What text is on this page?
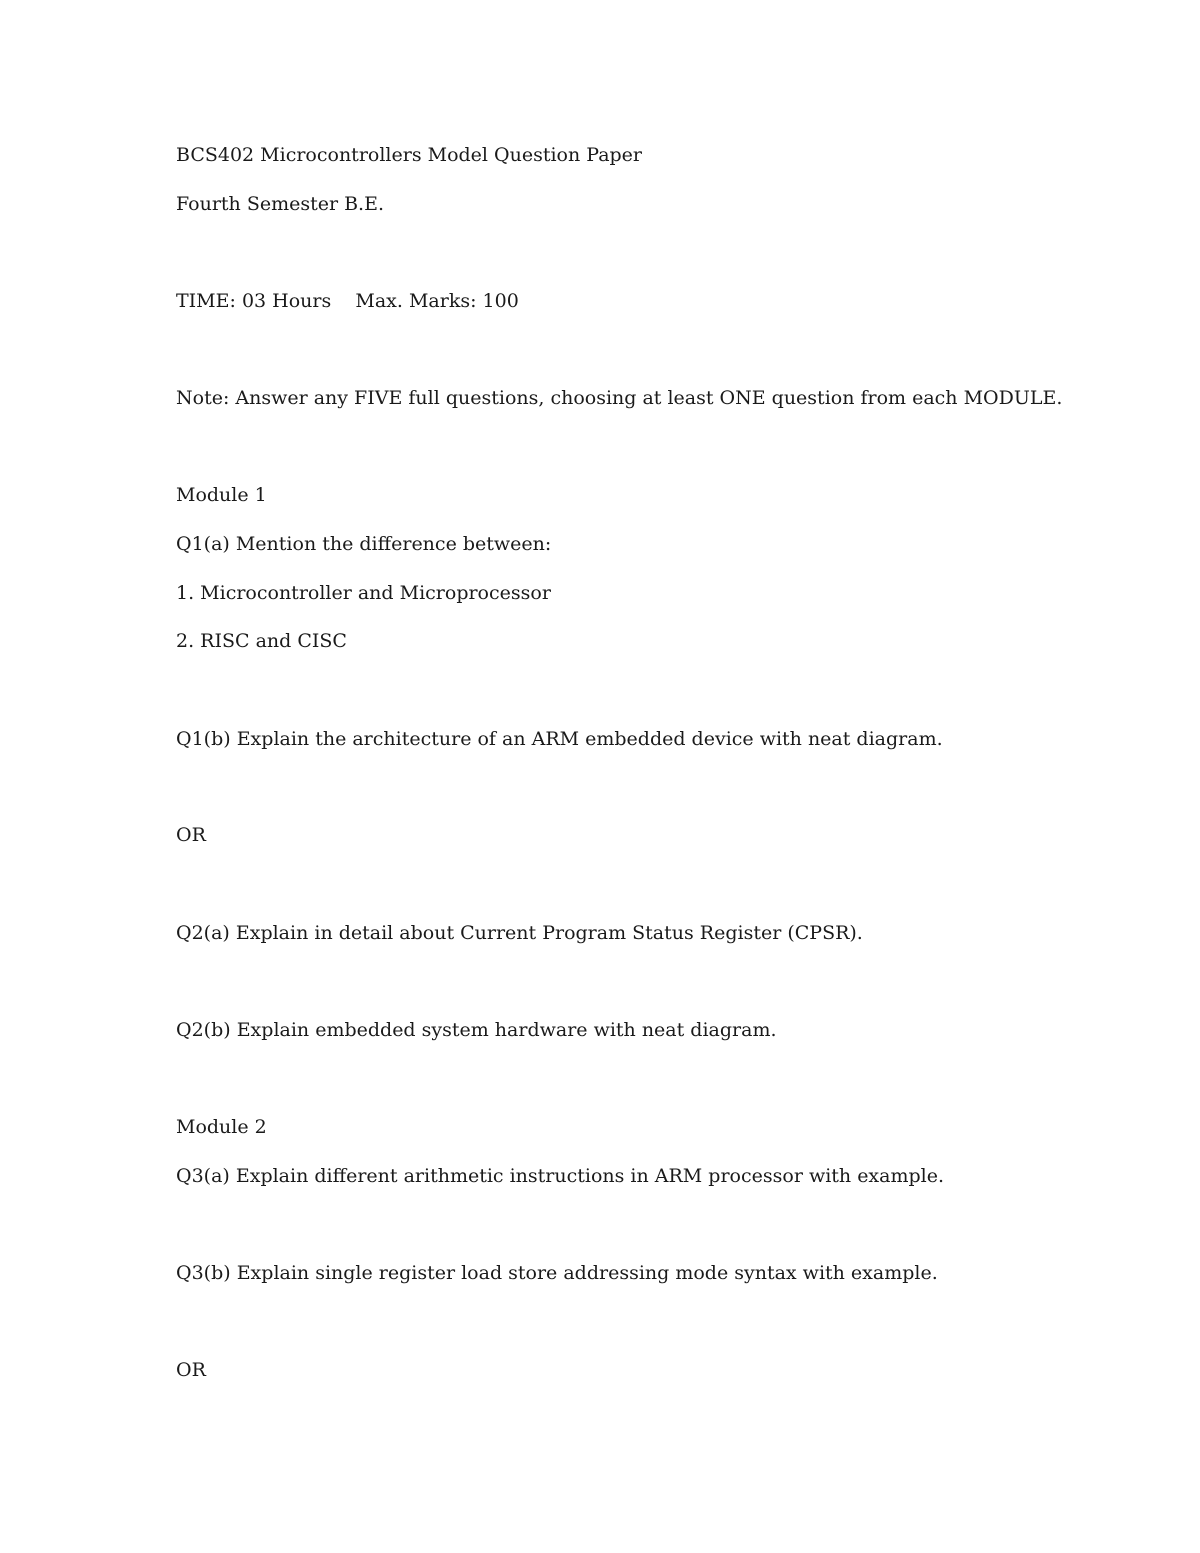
BCS402 Microcontrollers Model Question Paper
Fourth Semester B.E.
TIME: 03 Hours    Max. Marks: 100
Note: Answer any FIVE full questions, choosing at least ONE question from each MODULE.
Module 1
Q1(a) Mention the difference between:
1. Microcontroller and Microprocessor
2. RISC and CISC
Q1(b) Explain the architecture of an ARM embedded device with neat diagram.
OR
Q2(a) Explain in detail about Current Program Status Register (CPSR).
Q2(b) Explain embedded system hardware with neat diagram.
Module 2
Q3(a) Explain different arithmetic instructions in ARM processor with example.
Q3(b) Explain single register load store addressing mode syntax with example.
OR
